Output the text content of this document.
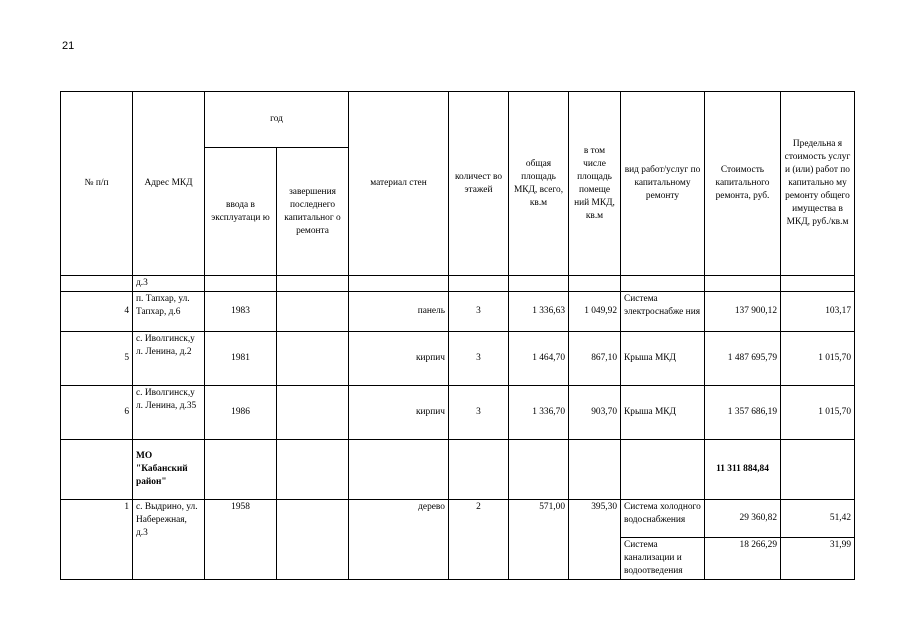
21
№ п/п	Адрес МКД	год		материал стен	количест во этажей	общая площадь МКД, всего, кв.м	в том числе площадь помеще ний МКД, кв.м	вид работ/услуг по капитальному ремонту	Стоимость капитального ремонта, руб.	Предельна я стоимость услуг и (или) работ по капитально му ремонту общего имущества в МКД, руб./кв.м
		ввода в эксплуатаци ю	завершения последнего капитальног о ремонта							
	д.3									
4	п. Тапхар, ул. Тапхар, д.6	1983		панель	3	1 336,63	1 049,92	Система электроснабже ния	137 900,12	103,17
5	с. Иволгинск,у л. Ленина, д.2	1981		кирпич	3	1 464,70	867,10	Крыша МКД	1 487 695,79	1 015,70
6	с. Иволгинск,у л. Ленина, д.35	1986		кирпич	3	1 336,70	903,70	Крыша МКД	1 357 686,19	1 015,70
	МО "Кабанский район"								11 311 884,84	
1	с. Выдрино, ул. Набережная, д.3	1958		дерево	2	571,00	395,30	Система холодного водоснабжения	29 360,82	51,42
								Система канализации и водоотведения	18 266,29	31,99
